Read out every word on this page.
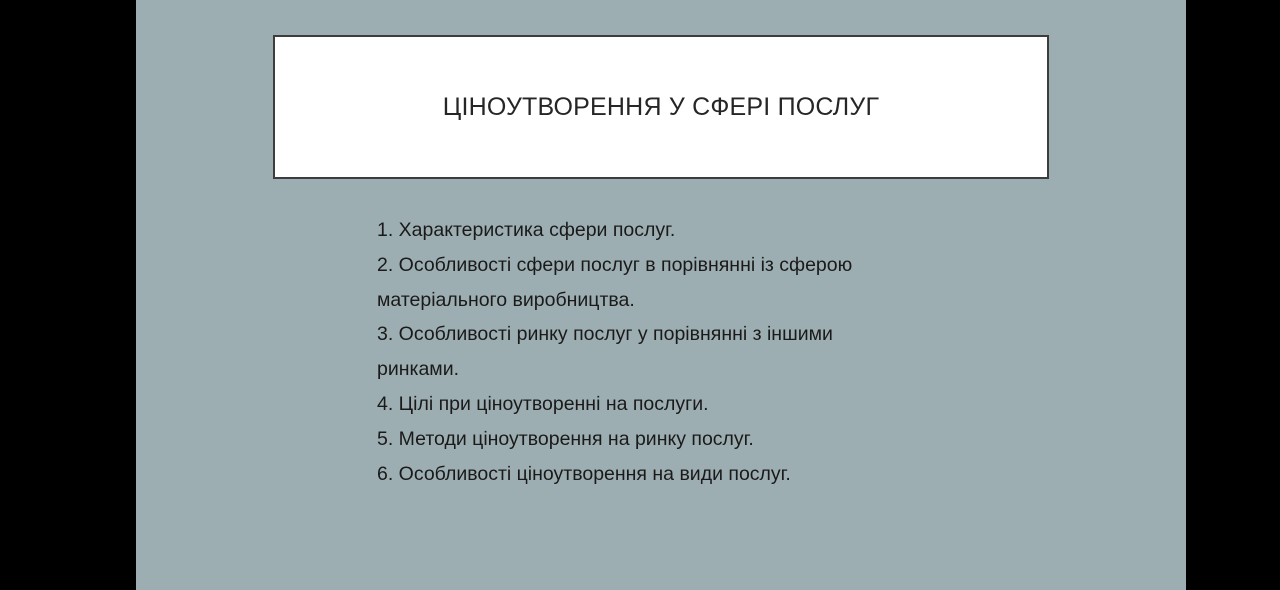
ЦІНОУТВОРЕННЯ У СФЕРІ ПОСЛУГ
1. Характеристика сфери послуг.
2. Особливості сфери послуг в порівнянні із сферою
матеріального виробництва.
3. Особливості ринку послуг у порівнянні з іншими
ринками.
4. Цілі при ціноутворенні на послуги.
5. Методи ціноутворення на ринку послуг.
6. Особливості ціноутворення на види послуг.
